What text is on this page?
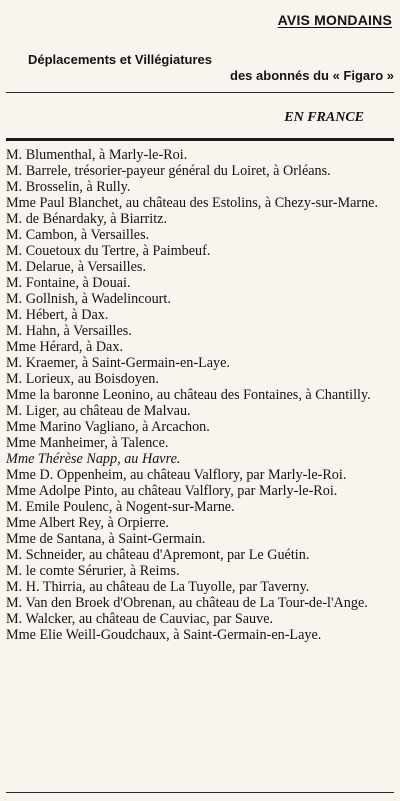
AVIS MONDAINS
Déplacements et Villégiatures
des abonnés du « Figaro »
EN FRANCE

M. Blumenthal, à Marly-le-Roi.

M. Barrele, trésorier-payeur général du Loiret, à Orléans.

M. Brosselin, à Rully.

Mme Paul Blanchet, au château des Estolins, à Chezy-sur-Marne.

M. de Bénardaky, à Biarritz.

M. Cambon, à Versailles.

M. Couetoux du Tertre, à Paimbeuf.

M. Delarue, à Versailles.

M. Fontaine, à Douai.

M. Gollnish, à Wadelincourt.

M. Hébert, à Dax.

M. Hahn, à Versailles.

Mme Hérard, à Dax.

M. Kraemer, à Saint-Germain-en-Laye.

M. Lorieux, au Boisdoyen.

Mme la baronne Leonino, au château des Fontaines, à Chantilly.

M. Liger, au château de Malvau.

Mme Marino Vagliano, à Arcachon.

Mme Manheimer, à Talence.

Mme Thérèse Napp, au Havre.

Mme D. Oppenheim, au château Valflory, par Marly-le-Roi.

Mme Adolpe Pinto, au château Valflory, par Marly-le-Roi.

M. Emile Poulenc, à Nogent-sur-Marne.

Mme Albert Rey, à Orpierre.

Mme de Santana, à Saint-Germain.

M. Schneider, au château d'Apremont, par Le Guétin.

M. le comte Sérurier, à Reims.

M. H. Thirria, au château de La Tuyolle, par Taverny.

M. Van den Broek d'Obrenan, au château de La Tour-de-l'Ange.

M. Walcker, au château de Cauviac, par Sauve.

Mme Elie Weill-Goudchaux, à Saint-Germain-en-Laye.
